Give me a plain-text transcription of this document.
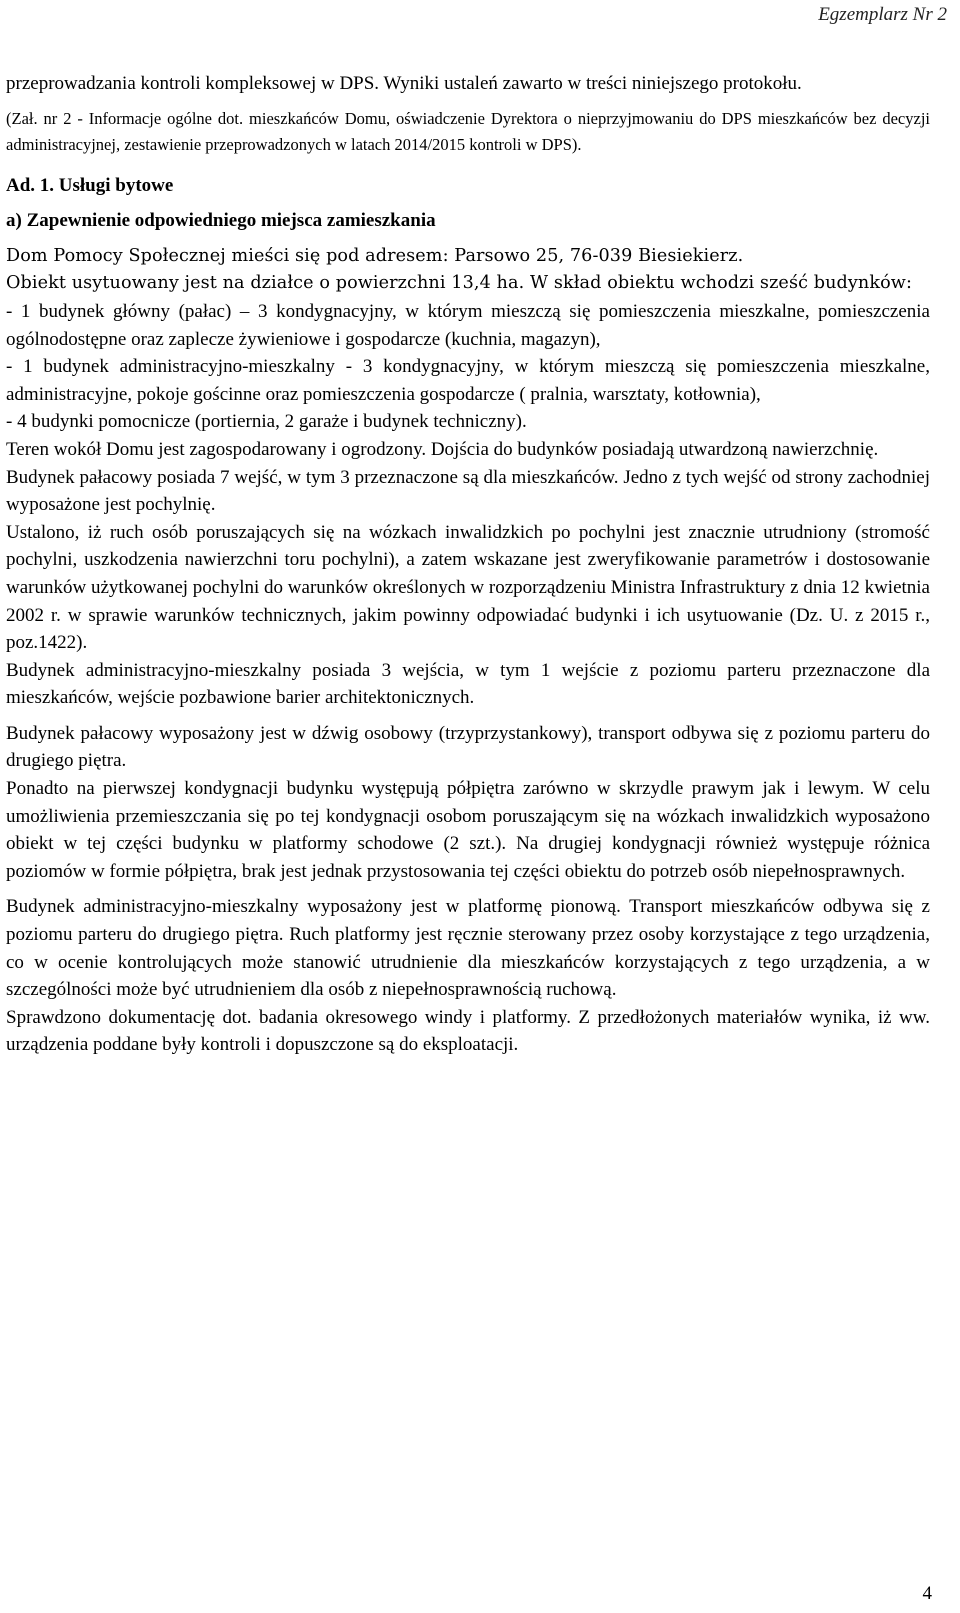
Egzemplarz Nr 2

przeprowadzania kontroli kompleksowej w DPS. Wyniki ustaleń zawarto w treści niniejszego protokołu.

(Zał. nr 2 - Informacje ogólne dot. mieszkańców Domu, oświadczenie Dyrektora o nieprzyjmowaniu do DPS mieszkańców bez decyzji administracyjnej, zestawienie przeprowadzonych w latach 2014/2015 kontroli w DPS).

Ad. 1. Usługi bytowe

a) Zapewnienie odpowiedniego miejsca zamieszkania

Dom Pomocy Społecznej mieści się pod adresem: Parsowo 25, 76-039 Biesiekierz.
Obiekt usytuowany jest na działce o powierzchni 13,4 ha. W skład obiektu wchodzi sześć budynków:

- 1 budynek główny (pałac) – 3 kondygnacyjny, w którym mieszczą się pomieszczenia mieszkalne, pomieszczenia ogólnodostępne oraz zaplecze żywieniowe i gospodarcze (kuchnia, magazyn),

- 1 budynek administracyjno-mieszkalny - 3 kondygnacyjny, w którym mieszczą się pomieszczenia mieszkalne, administracyjne, pokoje gościnne oraz pomieszczenia gospodarcze ( pralnia, warsztaty, kotłownia),

- 4 budynki pomocnicze (portiernia, 2 garaże i budynek techniczny).

Teren wokół Domu jest zagospodarowany i ogrodzony. Dojścia do budynków posiadają utwardzoną nawierzchnię.

Budynek pałacowy posiada 7 wejść, w tym 3 przeznaczone są dla mieszkańców. Jedno z tych wejść od strony zachodniej wyposażone jest pochylnię.

Ustalono, iż ruch osób poruszających się na wózkach inwalidzkich po pochylni jest znacznie utrudniony (stromość pochylni, uszkodzenia nawierzchni toru pochylni), a zatem wskazane jest zweryfikowanie parametrów i dostosowanie warunków użytkowanej pochylni do warunków określonych w rozporządzeniu Ministra Infrastruktury z dnia 12 kwietnia 2002 r. w sprawie warunków technicznych, jakim powinny odpowiadać budynki i ich usytuowanie (Dz. U. z 2015 r., poz.1422).

Budynek administracyjno-mieszkalny posiada 3 wejścia, w tym 1 wejście z poziomu parteru przeznaczone dla mieszkańców, wejście pozbawione barier architektonicznych.

Budynek pałacowy wyposażony jest w dźwig osobowy (trzyprzystankowy), transport odbywa się z poziomu parteru do drugiego piętra.

Ponadto na pierwszej kondygnacji budynku występują półpiętra zarówno w skrzydle prawym jak i lewym. W celu umożliwienia przemieszczania się po tej kondygnacji osobom poruszającym się na wózkach inwalidzkich wyposażono obiekt w tej części budynku w platformy schodowe (2 szt.). Na drugiej kondygnacji również występuje różnica poziomów w formie półpiętra, brak jest jednak przystosowania tej części obiektu do potrzeb osób niepełnosprawnych.

Budynek administracyjno-mieszkalny wyposażony jest w platformę pionową. Transport mieszkańców odbywa się z poziomu parteru do drugiego piętra. Ruch platformy jest ręcznie sterowany przez osoby korzystające z tego urządzenia, co w ocenie kontrolujących może stanowić utrudnienie dla mieszkańców korzystających z tego urządzenia, a w szczególności może być utrudnieniem dla osób z niepełnosprawnością ruchową.

Sprawdzono dokumentację dot. badania okresowego windy i platformy. Z przedłożonych materiałów wynika, iż ww. urządzenia poddane były kontroli i dopuszczone są do eksploatacji.

4
